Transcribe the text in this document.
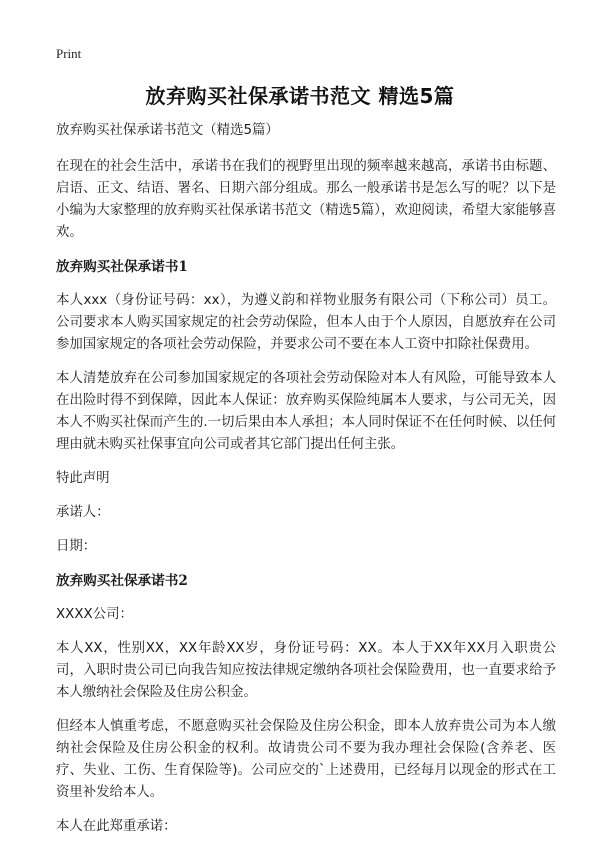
Print
放弃购买社保承诺书范文 精选5篇

放弃购买社保承诺书范文（精选5篇）

在现在的社会生活中，承诺书在我们的视野里出现的频率越来越高，承诺书由标题、启语、正文、结语、署名、日期六部分组成。那么一般承诺书是怎么写的呢？以下是小编为大家整理的放弃购买社保承诺书范文（精选5篇），欢迎阅读，希望大家能够喜欢。

放弃购买社保承诺书1

本人xxx（身份证号码：xx），为遵义韵和祥物业服务有限公司（下称公司）员工。公司要求本人购买国家规定的社会劳动保险，但本人由于个人原因，自愿放弃在公司参加国家规定的各项社会劳动保险，并要求公司不要在本人工资中扣除社保费用。

本人清楚放弃在公司参加国家规定的各项社会劳动保险对本人有风险，可能导致本人在出险时得不到保障，因此本人保证：放弃购买保险纯属本人要求，与公司无关，因本人不购买社保而产生的.一切后果由本人承担；本人同时保证不在任何时候、以任何理由就未购买社保事宜向公司或者其它部门提出任何主张。

特此声明

承诺人：

日期：

放弃购买社保承诺书2

XXXX公司：

本人XX，性别XX，XX年龄XX岁，身份证号码：XX。本人于XX年XX月入职贵公司，入职时贵公司已向我告知应按法律规定缴纳各项社会保险费用，也一直要求给予本人缴纳社会保险及住房公积金。

但经本人慎重考虑，不愿意购买社会保险及住房公积金，即本人放弃贵公司为本人缴纳社会保险及住房公积金的权利。故请贵公司不要为我办理社会保险(含养老、医疗、失业、工伤、生育保险等)。公司应交的`上述费用，已经每月以现金的形式在工资里补发给本人。

本人在此郑重承诺：
